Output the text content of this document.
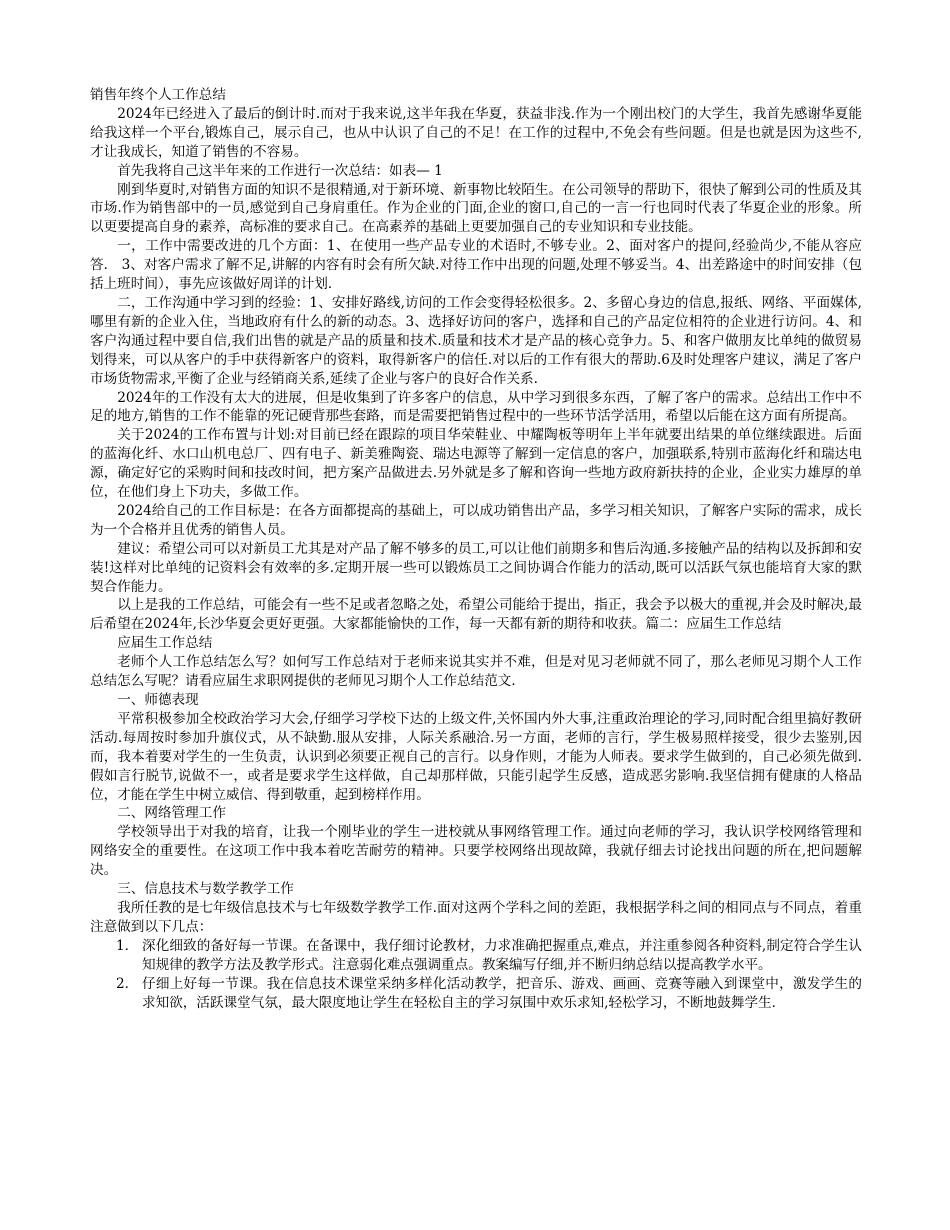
销售年终个人工作总结

2024年已经进入了最后的倒计时.而对于我来说,这半年我在华夏，获益非浅.作为一个刚出校门的大学生，我首先感谢华夏能给我这样一个平台,锻炼自己，展示自己，也从中认识了自己的不足！在工作的过程中,不免会有些问题。但是也就是因为这些不,才让我成长，知道了销售的不容易。

首先我将自己这半年来的工作进行一次总结：如表— 1

刚到华夏时,对销售方面的知识不是很精通,对于新环境、新事物比较陌生。在公司领导的帮助下，很快了解到公司的性质及其市场.作为销售部中的一员,感觉到自己身肩重任。作为企业的门面,企业的窗口,自己的一言一行也同时代表了华夏企业的形象。所以更要提高自身的素养，高标准的要求自己。在高素养的基础上更要加强自己的专业知识和专业技能。

一，工作中需要改进的几个方面：1、在使用一些产品专业的术语时,不够专业。2、面对客户的提问,经验尚少,不能从容应答． 3、对客户需求了解不足,讲解的内容有时会有所欠缺.对待工作中出现的问题,处理不够妥当。4、出差路途中的时间安排（包括上班时间），事先应该做好周详的计划．

二，工作沟通中学习到的经验：1、安排好路线,访问的工作会变得轻松很多。2、多留心身边的信息,报纸、网络、平面媒体,哪里有新的企业入住，当地政府有什么的新的动态。3、选择好访问的客户，选择和自己的产品定位相符的企业进行访问。4、和客户沟通过程中要自信,我们出售的就是产品的质量和技术.质量和技术才是产品的核心竞争力。5、和客户做朋友比单纯的做贸易划得来，可以从客户的手中获得新客户的资料，取得新客户的信任.对以后的工作有很大的帮助.6及时处理客户建议，满足了客户市场货物需求,平衡了企业与经销商关系,延续了企业与客户的良好合作关系.

2024年的工作没有太大的进展，但是收集到了许多客户的信息，从中学习到很多东西，了解了客户的需求。总结出工作中不足的地方,销售的工作不能靠的死记硬背那些套路，而是需要把销售过程中的一些环节活学活用，希望以后能在这方面有所提高。

关于2024的工作布置与计划:对目前已经在跟踪的项目华荣鞋业、中耀陶板等明年上半年就要出结果的单位继续跟进。后面的蓝海化纤、水口山机电总厂、四有电子、新美雅陶瓷、瑞达电源等了解到一定信息的客户，加强联系,特别市蓝海化纤和瑞达电源，确定好它的采购时间和技改时间，把方案产品做进去.另外就是多了解和咨询一些地方政府新扶持的企业，企业实力雄厚的单位，在他们身上下功夫，多做工作。

2024给自己的工作目标是：在各方面都提高的基础上，可以成功销售出产品，多学习相关知识，了解客户实际的需求，成长为一个合格并且优秀的销售人员。

建议：希望公司可以对新员工尤其是对产品了解不够多的员工,可以让他们前期多和售后沟通.多接触产品的结构以及拆卸和安装!这样对比单纯的记资料会有效率的多.定期开展一些可以锻炼员工之间协调合作能力的活动,既可以活跃气氛也能培育大家的默契合作能力。

以上是我的工作总结，可能会有一些不足或者忽略之处，希望公司能给于提出，指正，我会予以极大的重视,并会及时解决,最后希望在2024年,长沙华夏会更好更强。大家都能愉快的工作，每一天都有新的期待和收获。篇二：应届生工作总结

应届生工作总结

老师个人工作总结怎么写？如何写工作总结对于老师来说其实并不难，但是对见习老师就不同了，那么老师见习期个人工作总结怎么写呢？请看应届生求职网提供的老师见习期个人工作总结范文．

一、师德表现

平常积极参加全校政治学习大会,仔细学习学校下达的上级文件,关怀国内外大事,注重政治理论的学习,同时配合组里搞好教研活动.每周按时参加升旗仪式，从不缺勤.服从安排，人际关系融洽.另一方面，老师的言行，学生极易照样接受，很少去鉴别,因而，我本着要对学生的一生负责，认识到必须要正视自己的言行。以身作则，才能为人师表。要求学生做到的，自己必须先做到.假如言行脱节,说做不一，或者是要求学生这样做，自己却那样做，只能引起学生反感，造成恶劣影响.我坚信拥有健康的人格品位，才能在学生中树立威信、得到敬重，起到榜样作用。

二、网络管理工作

学校领导出于对我的培育，让我一个刚毕业的学生一进校就从事网络管理工作。通过向老师的学习，我认识学校网络管理和网络安全的重要性。在这项工作中我本着吃苦耐劳的精神。只要学校网络出现故障，我就仔细去讨论找出问题的所在,把问题解决。

三、信息技术与数学教学工作

我所任教的是七年级信息技术与七年级数学教学工作.面对这两个学科之间的差距，我根据学科之间的相同点与不同点，着重注意做到以下几点：

1． 深化细致的备好每一节课。在备课中，我仔细讨论教材，力求准确把握重点,难点，并注重参阅各种资料,制定符合学生认知规律的教学方法及教学形式。注意弱化难点强调重点。教案编写仔细,并不断归纳总结以提高教学水平。
2． 仔细上好每一节课。我在信息技术课堂采纳多样化活动教学，把音乐、游戏、画画、竞赛等融入到课堂中，激发学生的求知欲，活跃课堂气氛，最大限度地让学生在轻松自主的学习氛围中欢乐求知,轻松学习，不断地鼓舞学生．
